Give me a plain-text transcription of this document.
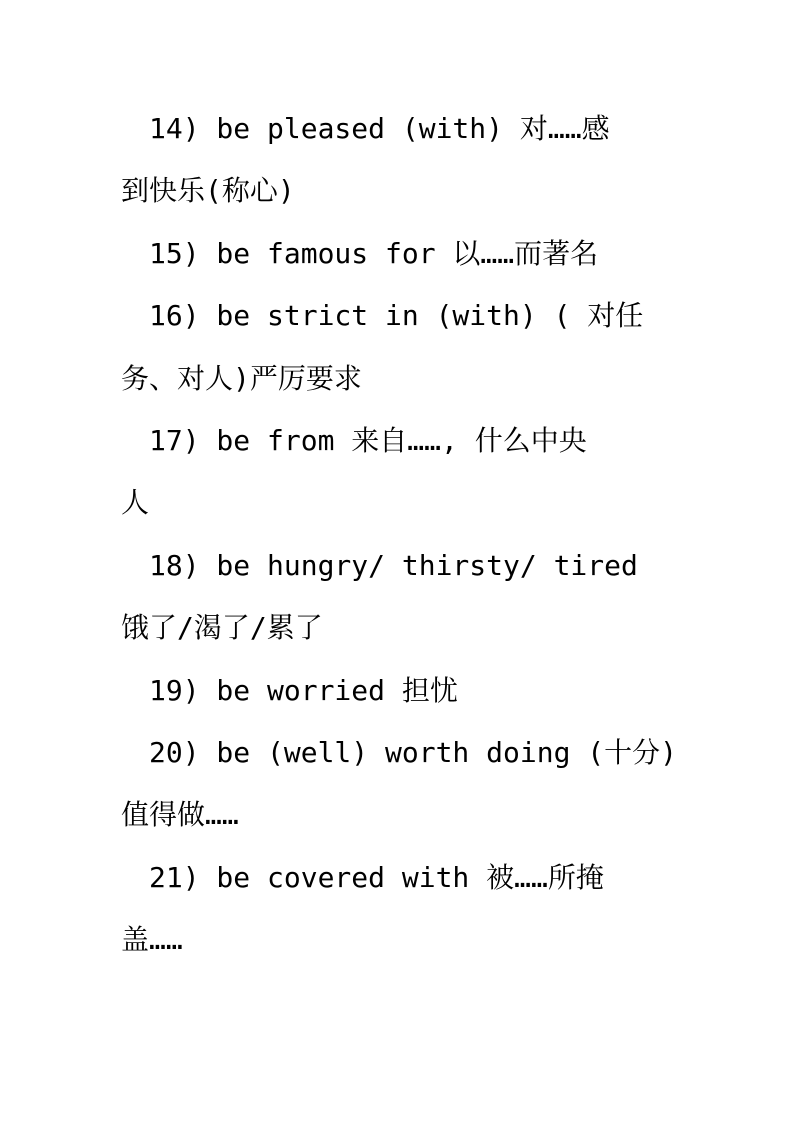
14) be pleased (with) 对……感
到快乐(称心)
15) be famous for 以……而著名
16) be strict in (with) ( 对任
务、对人)严厉要求
17) be from 来自……, 什么中央
人
18) be hungry/ thirsty/ tired
饿了/渴了/累了
19) be worried 担忧
20) be (well) worth doing (十分)
值得做……
21) be covered with 被……所掩
盖……
